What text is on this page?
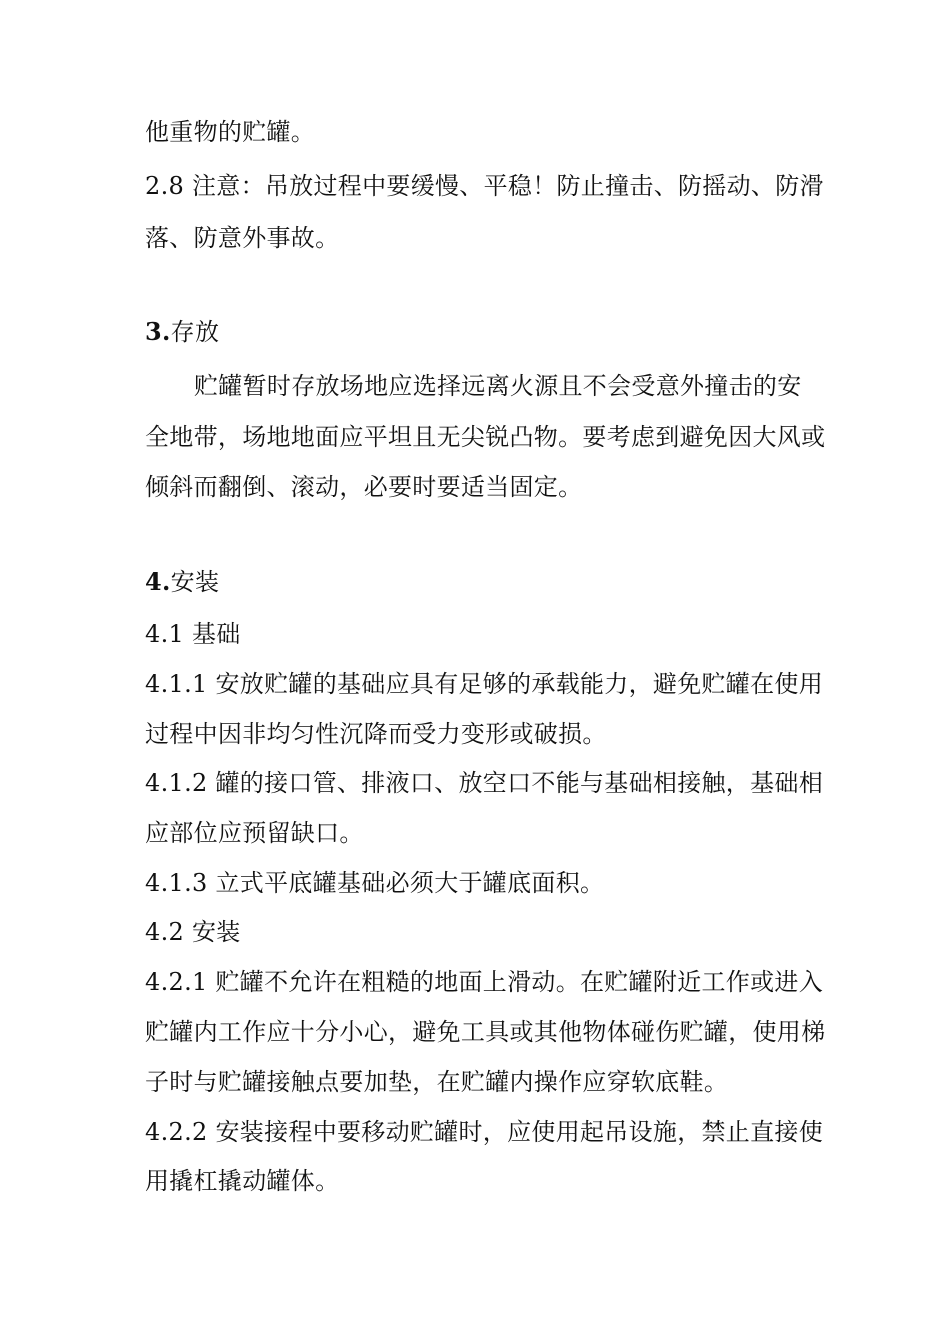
他重物的贮罐。
2.8 注意：吊放过程中要缓慢、平稳！防止撞击、防摇动、防滑
落、防意外事故。
3.存放
贮罐暂时存放场地应选择远离火源且不会受意外撞击的安
全地带，场地地面应平坦且无尖锐凸物。要考虑到避免因大风或
倾斜而翻倒、滚动，必要时要适当固定。
4.安装
4.1 基础
4.1.1 安放贮罐的基础应具有足够的承载能力，避免贮罐在使用
过程中因非均匀性沉降而受力变形或破损。
4.1.2 罐的接口管、排液口、放空口不能与基础相接触，基础相
应部位应预留缺口。
4.1.3 立式平底罐基础必须大于罐底面积。
4.2 安装
4.2.1 贮罐不允许在粗糙的地面上滑动。在贮罐附近工作或进入
贮罐内工作应十分小心，避免工具或其他物体碰伤贮罐，使用梯
子时与贮罐接触点要加垫，在贮罐内操作应穿软底鞋。
4.2.2 安装接程中要移动贮罐时，应使用起吊设施，禁止直接使
用撬杠撬动罐体。
